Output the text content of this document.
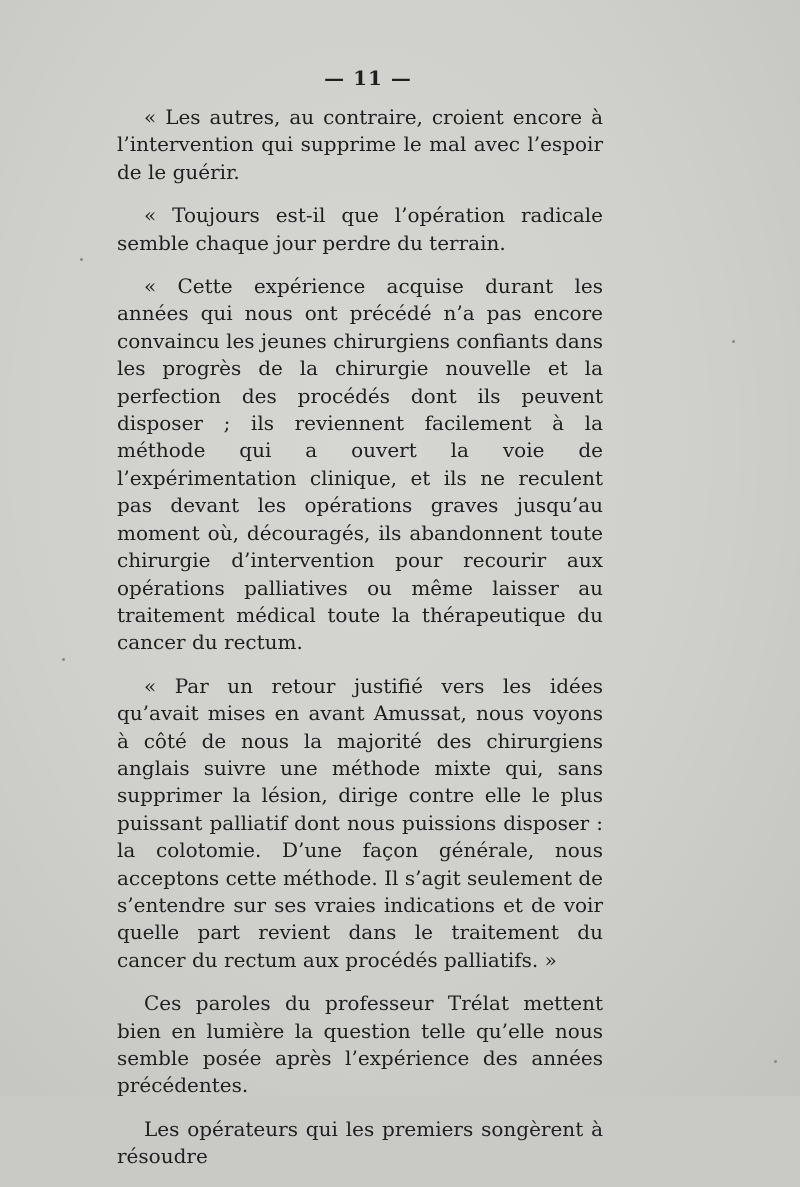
— 11 —

« Les autres, au contraire, croient encore à l’intervention qui supprime le mal avec l’espoir de le guérir.

« Toujours est-il que l’opération radicale semble chaque jour perdre du terrain.

« Cette expérience acquise durant les années qui nous ont précédé n’a pas encore convaincu les jeunes chirurgiens confiants dans les progrès de la chirurgie nouvelle et la perfection des procédés dont ils peuvent disposer ; ils reviennent facilement à la méthode qui a ouvert la voie de l’expérimentation clinique, et ils ne reculent pas devant les opérations graves jusqu’au moment où, découragés, ils abandonnent toute chirurgie d’intervention pour recourir aux opérations palliatives ou même laisser au traitement médical toute la thérapeutique du cancer du rectum.

« Par un retour justifié vers les idées qu’avait mises en avant Amussat, nous voyons à côté de nous la majorité des chirurgiens anglais suivre une méthode mixte qui, sans supprimer la lésion, dirige contre elle le plus puissant palliatif dont nous puissions disposer : la colotomie. D’une façon générale, nous acceptons cette méthode. Il s’agit seulement de s’entendre sur ses vraies indications et de voir quelle part revient dans le traitement du cancer du rectum aux procédés palliatifs. »

Ces paroles du professeur Trélat mettent bien en lumière la question telle qu’elle nous semble posée après l’expérience des années précédentes.

Les opérateurs qui les premiers songèrent à résoudre
